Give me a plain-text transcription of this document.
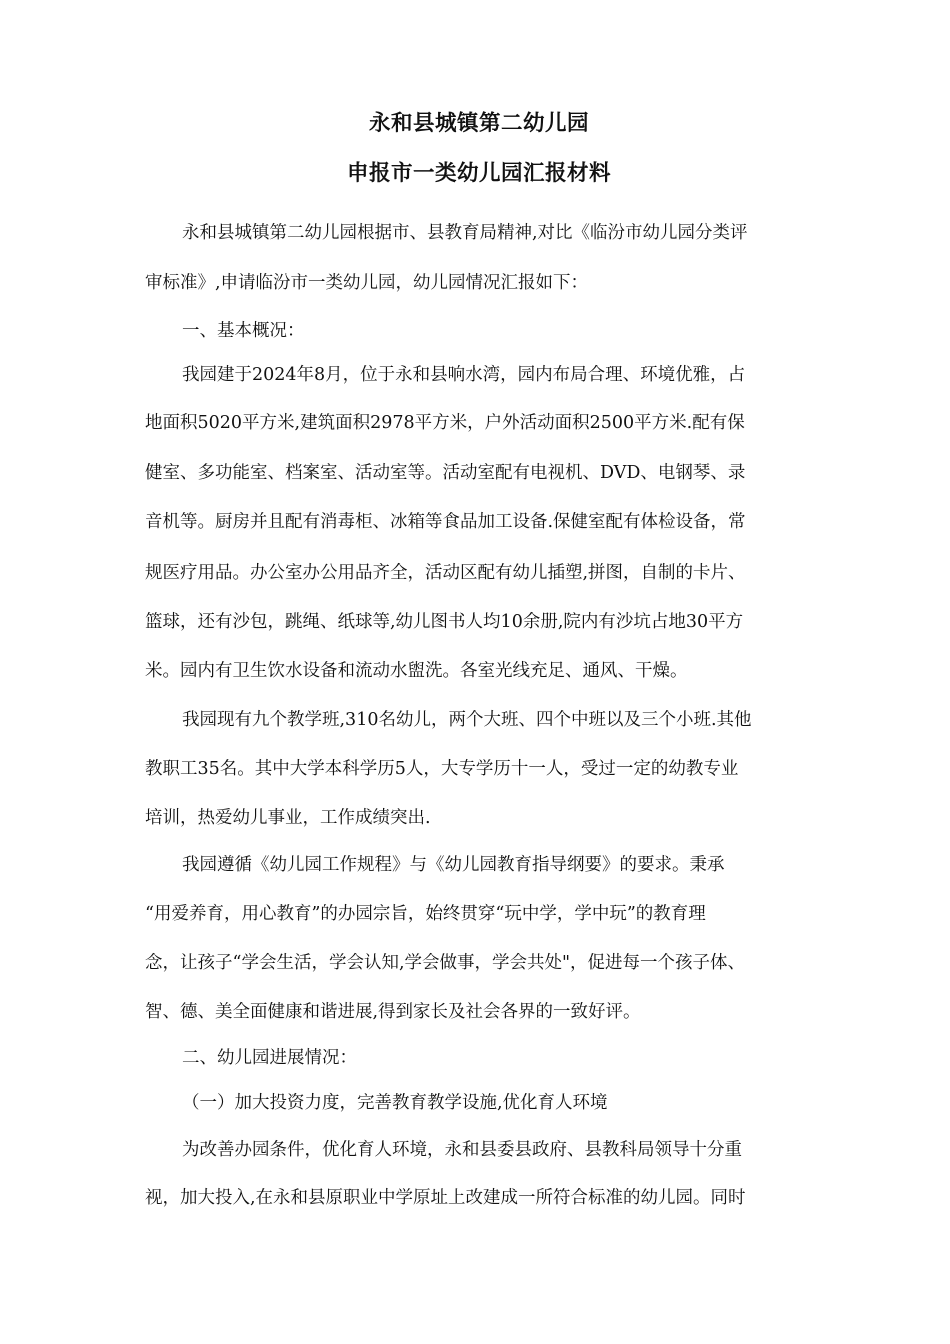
永和县城镇第二幼儿园

申报市一类幼儿园汇报材料

永和县城镇第二幼儿园根据市、县教育局精神,对比《临汾市幼儿园分类评
审标准》,申请临汾市一类幼儿园，幼儿园情况汇报如下：
一、基本概况：
我园建于2024年8月，位于永和县响水湾，园内布局合理、环境优雅，占
地面积5020平方米,建筑面积2978平方米，户外活动面积2500平方米.配有保
健室、多功能室、档案室、活动室等。活动室配有电视机、DVD、电钢琴、录
音机等。厨房并且配有消毒柜、冰箱等食品加工设备.保健室配有体检设备，常
规医疗用品。办公室办公用品齐全，活动区配有幼儿插塑,拼图，自制的卡片、
篮球，还有沙包，跳绳、纸球等,幼儿图书人均10余册,院内有沙坑占地30平方
米。园内有卫生饮水设备和流动水盥洗。各室光线充足、通风、干燥。
我园现有九个教学班,310名幼儿，两个大班、四个中班以及三个小班.其他
教职工35名。其中大学本科学历5人，大专学历十一人，受过一定的幼教专业
培训，热爱幼儿事业，工作成绩突出.
我园遵循《幼儿园工作规程》与《幼儿园教育指导纲要》的要求。秉承
“用爱养育，用心教育”的办园宗旨，始终贯穿“玩中学，学中玩”的教育理
念，让孩子“学会生活，学会认知,学会做事，学会共处"，促进每一个孩子体、
智、德、美全面健康和谐进展,得到家长及社会各界的一致好评。
二、幼儿园进展情况：
（一）加大投资力度，完善教育教学设施,优化育人环境
为改善办园条件，优化育人环境，永和县委县政府、县教科局领导十分重
视，加大投入,在永和县原职业中学原址上改建成一所符合标准的幼儿园。同时
